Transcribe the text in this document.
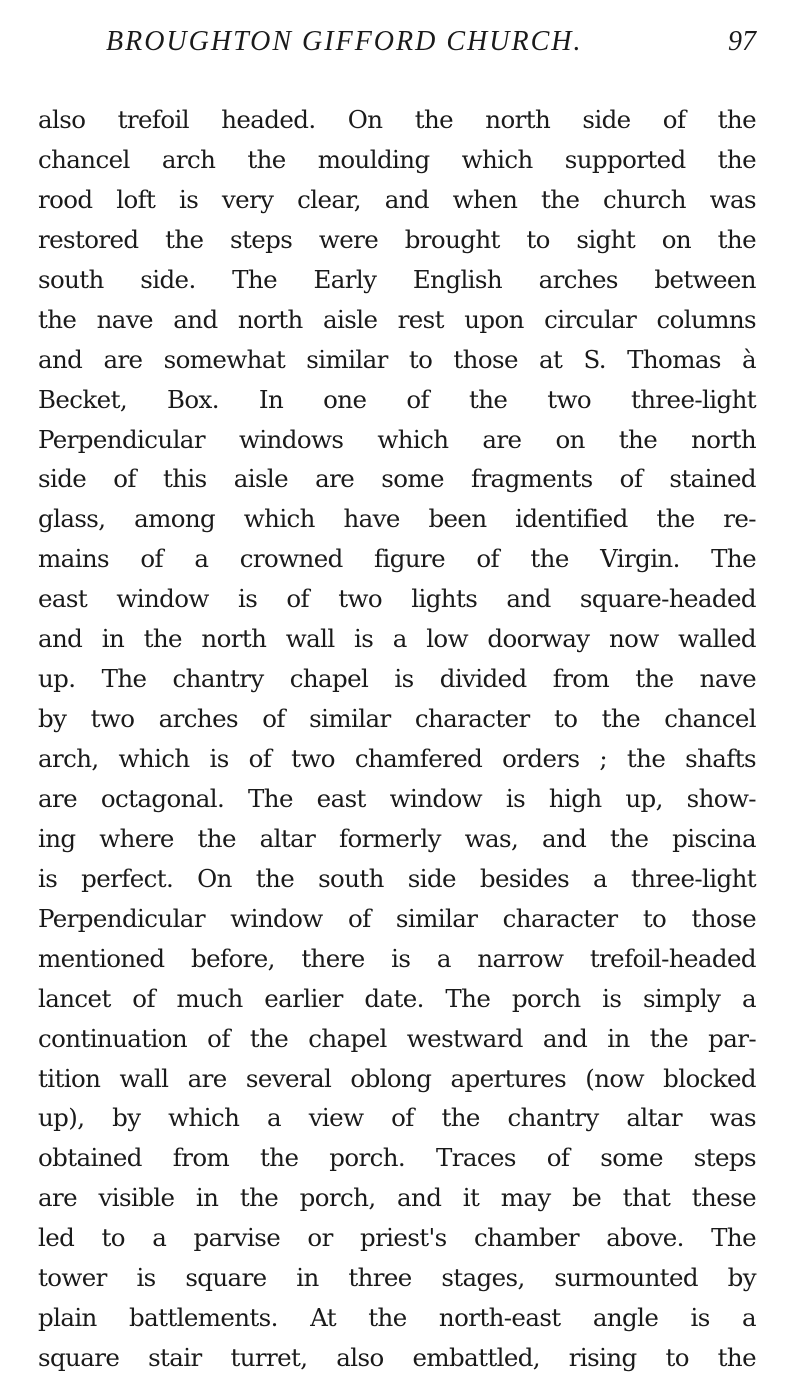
BROUGHTON GIFFORD CHURCH.	97
also trefoil headed. On the north side of the
chancel arch the moulding which supported the
rood loft is very clear, and when the church was
restored the steps were brought to sight on the
south side. The Early English arches between
the nave and north aisle rest upon circular columns
and are somewhat similar to those at S. Thomas à
Becket, Box. In one of the two three-light
Perpendicular windows which are on the north
side of this aisle are some fragments of stained
glass, among which have been identified the re-
mains of a crowned figure of the Virgin. The
east window is of two lights and square-headed
and in the north wall is a low doorway now walled
up. The chantry chapel is divided from the nave
by two arches of similar character to the chancel
arch, which is of two chamfered orders ; the shafts
are octagonal. The east window is high up, show-
ing where the altar formerly was, and the piscina
is perfect. On the south side besides a three-light
Perpendicular window of similar character to those
mentioned before, there is a narrow trefoil-headed
lancet of much earlier date. The porch is simply a
continuation of the chapel westward and in the par-
tition wall are several oblong apertures (now blocked
up), by which a view of the chantry altar was
obtained from the porch. Traces of some steps
are visible in the porch, and it may be that these
led to a parvise or priest's chamber above. The
tower is square in three stages, surmounted by
plain battlements. At the north-east angle is a
square stair turret, also embattled, rising to the
